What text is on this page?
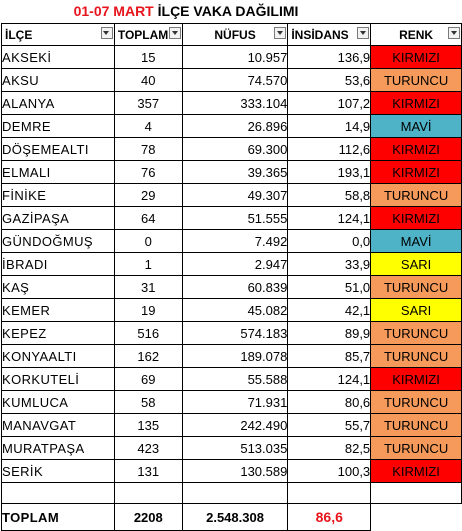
01-07 MART İLÇE VAKA DAĞILIMI
İLÇE	TOPLAM	NÜFUS	İNSİDANS	RENK

AKSEKİ	15	10.957	136,9	KIRMIZI
AKSU	40	74.570	53,6	TURUNCU
ALANYA	357	333.104	107,2	KIRMIZI
DEMRE	4	26.896	14,9	MAVİ
DÖŞEMEALTI	78	69.300	112,6	KIRMIZI
ELMALI	76	39.365	193,1	KIRMIZI
FİNİKE	29	49.307	58,8	TURUNCU
GAZİPAŞA	64	51.555	124,1	KIRMIZI
GÜNDOĞMUŞ	0	7.492	0,0	MAVİ
İBRADI	1	2.947	33,9	SARI
KAŞ	31	60.839	51,0	TURUNCU
KEMER	19	45.082	42,1	SARI
KEPEZ	516	574.183	89,9	TURUNCU
KONYAALTI	162	189.078	85,7	TURUNCU
KORKUTELİ	69	55.588	124,1	KIRMIZI
KUMLUCA	58	71.931	80,6	TURUNCU
MANAVGAT	135	242.490	55,7	TURUNCU
MURATPAŞA	423	513.035	82,5	TURUNCU
SERİK	131	130.589	100,3	KIRMIZI

TOPLAM	2208	2.548.308	86,6	
